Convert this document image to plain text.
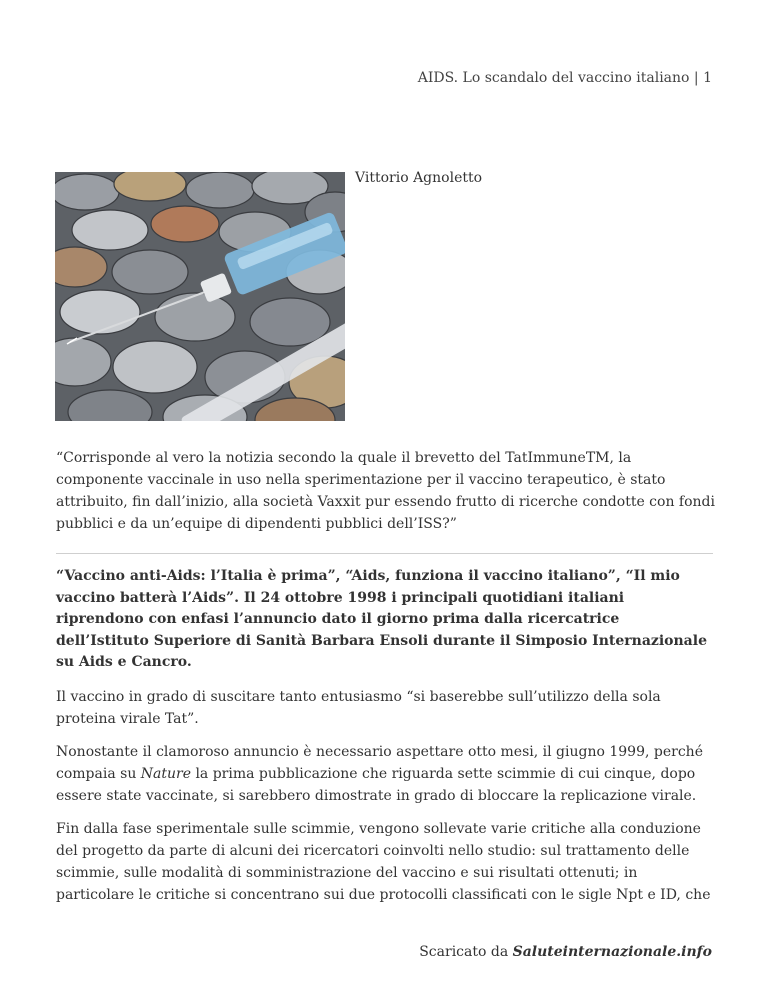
AIDS. Lo scandalo del vaccino italiano | 1
Vittorio Agnoletto

“Corrisponde al vero la notizia secondo la quale il brevetto del TatImmuneTM, la componente vaccinale in uso nella sperimentazione per il vaccino terapeutico, è stato attribuito, fin dall’inizio, alla società Vaxxit pur essendo frutto di ricerche condotte con fondi pubblici e da un’equipe di dipendenti pubblici dell’ISS?”

“Vaccino anti-Aids: l’Italia è prima”, “Aids, funziona il vaccino italiano”, “Il mio vaccino batterà l’Aids”. Il 24 ottobre 1998 i principali quotidiani italiani riprendono con enfasi l’annuncio dato il giorno prima dalla ricercatrice dell’Istituto Superiore di Sanità Barbara Ensoli durante il Simposio Internazionale su Aids e Cancro.

Il vaccino in grado di suscitare tanto entusiasmo “si baserebbe sull’utilizzo della sola proteina virale Tat”.

Nonostante il clamoroso annuncio è necessario aspettare otto mesi, il giugno 1999, perché compaia su Nature la prima pubblicazione che riguarda sette scimmie di cui cinque, dopo essere state vaccinate, si sarebbero dimostrate in grado di bloccare la replicazione virale.

Fin dalla fase sperimentale sulle scimmie, vengono sollevate varie critiche alla conduzione del progetto da parte di alcuni dei ricercatori coinvolti nello studio: sul trattamento delle scimmie, sulle modalità di somministrazione del vaccino e sui risultati ottenuti; in particolare le critiche si concentrano sui due protocolli classificati con le sigle Npt e ID, che

Scaricato da Saluteinternazionale.info
